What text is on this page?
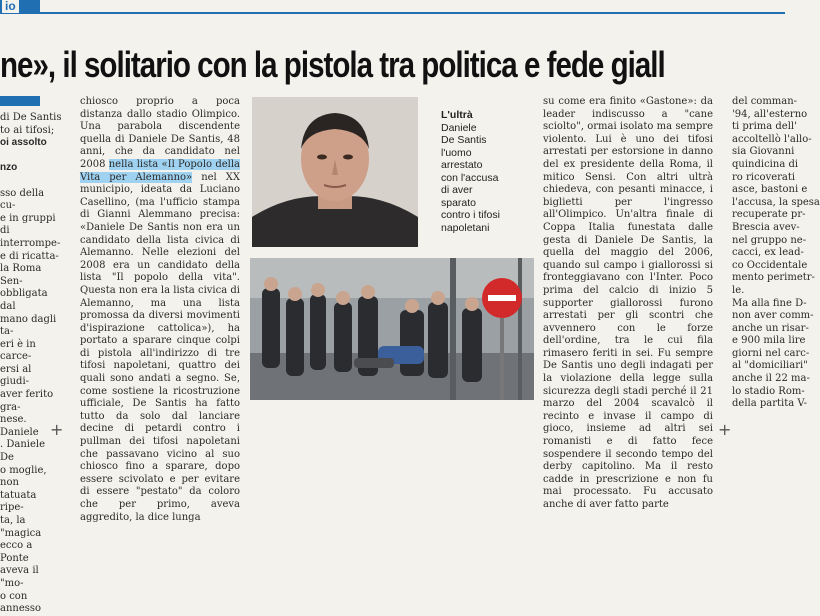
io
ne», il solitario con la pistola tra politica e fede giall
di De Santis
to ai tifosi;
oi assolto

nzo

sso della cu-
e in gruppi di
interrompe-
e di ricatta-
la Roma Sen-
obbligata dal
mano dagli ta-
eri è in carce-
ersi al giudi-
aver ferito gra-
nese. Daniele
. Daniele De
o moglie, non
tatuata ripe-
ta, la "magica
ecco a Ponte
aveva il "mo-
o con annesso

chiosco proprio a poca distanza dallo stadio Olimpico. Una parabola discendente quella di Daniele De Santis, 48 anni, che da candidato nel 2008 nella lista «Il Popolo della Vita per Alemanno» nel XX municipio, ideata da Luciano Casellino, (ma l'ufficio stampa di Gianni Alemmano precisa: «Daniele De Santis non era un candidato della lista civica di Alemanno. Nelle elezioni del 2008 era un candidato della lista "Il popolo della vita". Questa non era la lista civica di Alemanno, ma una lista promossa da diversi movimenti d'ispirazione cattolica»), ha portato a sparare cinque colpi di pistola all'indirizzo di tre tifosi napoletani, quattro dei quali sono andati a segno. Se, come sostiene la ricostruzione ufficiale, De Santis ha fatto tutto da solo dal lanciare decine di petardi contro i pullman dei tifosi napoletani che passavano vicino al suo chiosco fino a sparare, dopo essere scivolato e per evitare di essere "pestato" da coloro che per primo, aveva aggredito, la dice lunga

L'ultrà
Daniele
De Santis
l'uomo
arrestato
con l'accusa
di aver
sparato
contro i tifosi
napoletani

su come era finito «Gastone»: da leader indiscusso a "cane sciolto", ormai isolato ma sempre violento. Lui è uno dei tifosi arrestati per estorsione in danno del ex presidente della Roma, il mitico Sensi. Con altri ultrà chiedeva, con pesanti minacce, i biglietti per l'ingresso all'Olimpico. Un'altra finale di Coppa Italia funestata dalle gesta di Daniele De Santis, la quella del maggio del 2006, quando sul campo i giallorossi si fronteggiavano con l'Inter. Poco prima del calcio di inizio 5 supporter giallorossi furono arrestati per gli scontri che avvennero con le forze dell'ordine, tra le cui fila rimasero feriti in sei. Fu sempre De Santis uno degli indagati per la violazione della legge sulla sicurezza degli stadi perché il 21 marzo del 2004 scavalcò il recinto e invase il campo di gioco, insieme ad altri sei romanisti e di fatto fece sospendere il secondo tempo del derby capitolino. Ma il resto cadde in prescrizione e non fu mai processato. Fu accusato anche di aver fatto parte

del comman-
'94, all'esterno
ti prima dell'
accoltellò l'allo-
sia Giovanni
quindicina di
ro ricoverati
asce, bastoni e
l'accusa, la spesa
recuperate pr-
Brescia avev-
nel gruppo ne-
cacci, ex lead-
co Occidentale
mento perimetr-
le.
Ma alla fine D-
non aver comm-
anche un risar-
e 900 mila lire
giorni nel carc-
al "domiciliari"
anche il 22 ma-
lo stadio Rom-
della partita V-
+	+
